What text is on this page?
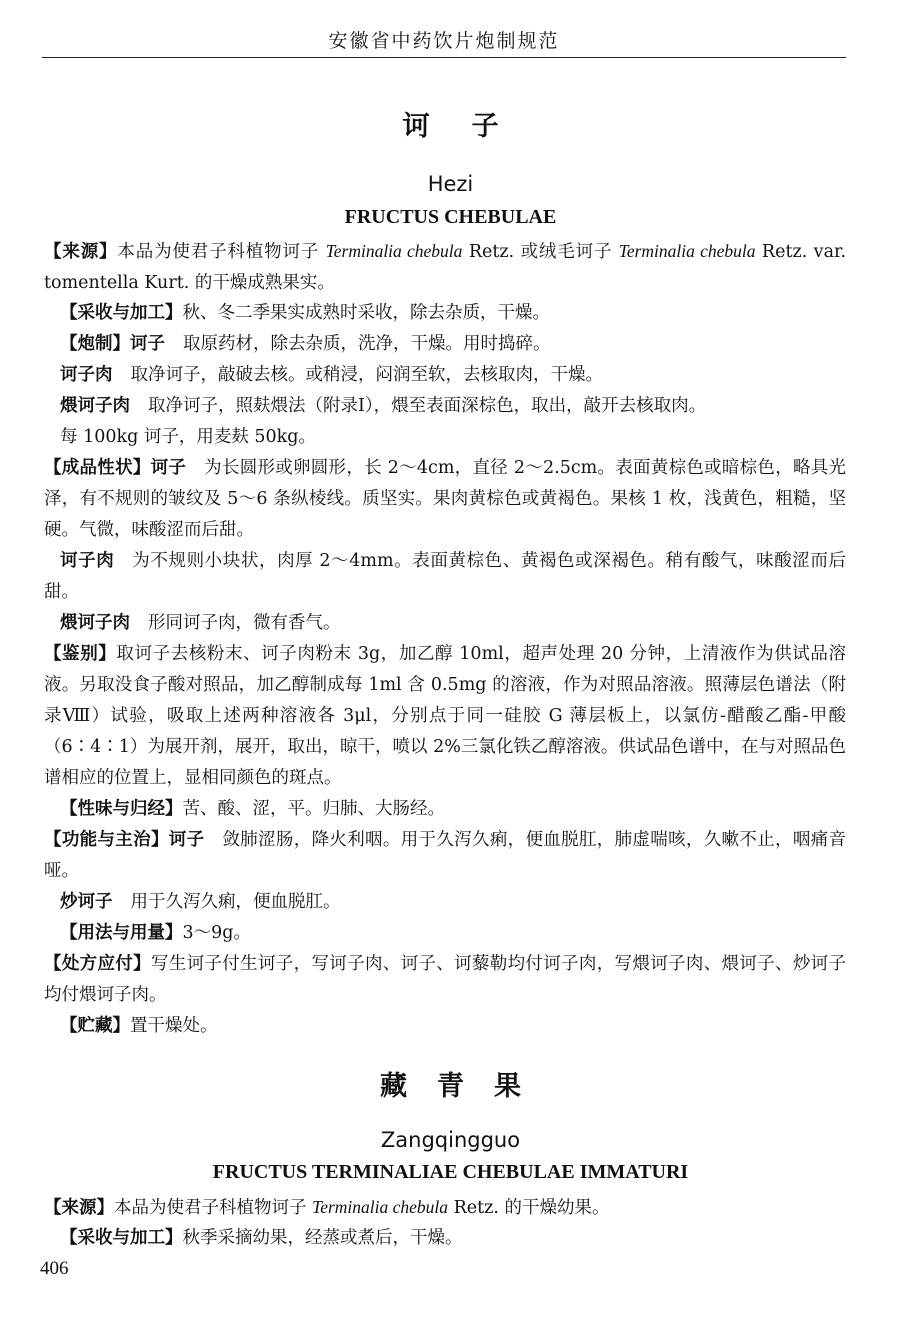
安徽省中药饮片炮制规范
诃子
Hezi
FRUCTUS CHEBULAE

【来源】本品为使君子科植物诃子 Terminalia chebula Retz. 或绒毛诃子 Terminalia chebula Retz. var. tomentella Kurt. 的干燥成熟果实。

【采收与加工】秋、冬二季果实成熟时采收，除去杂质，干燥。

【炮制】诃子 取原药材，除去杂质，洗净，干燥。用时捣碎。

诃子肉 取净诃子，敲破去核。或稍浸，闷润至软，去核取肉，干燥。

煨诃子肉 取净诃子，照麸煨法（附录Ⅰ），煨至表面深棕色，取出，敲开去核取肉。

每 100kg 诃子，用麦麸 50kg。

【成品性状】诃子 为长圆形或卵圆形，长 2～4cm，直径 2～2.5cm。表面黄棕色或暗棕色，略具光泽，有不规则的皱纹及 5～6 条纵棱线。质坚实。果肉黄棕色或黄褐色。果核 1 枚，浅黄色，粗糙，坚硬。气微，味酸涩而后甜。

诃子肉 为不规则小块状，肉厚 2～4mm。表面黄棕色、黄褐色或深褐色。稍有酸气，味酸涩而后甜。

煨诃子肉 形同诃子肉，微有香气。

【鉴别】取诃子去核粉末、诃子肉粉末 3g，加乙醇 10ml，超声处理 20 分钟，上清液作为供试品溶液。另取没食子酸对照品，加乙醇制成每 1ml 含 0.5mg 的溶液，作为对照品溶液。照薄层色谱法（附录Ⅷ）试验，吸取上述两种溶液各 3μl，分别点于同一硅胶 G 薄层板上，以氯仿-醋酸乙酯-甲酸（6∶4∶1）为展开剂，展开，取出，晾干，喷以 2%三氯化铁乙醇溶液。供试品色谱中，在与对照品色谱相应的位置上，显相同颜色的斑点。

【性味与归经】苦、酸、涩，平。归肺、大肠经。

【功能与主治】诃子 敛肺涩肠，降火利咽。用于久泻久痢，便血脱肛，肺虚喘咳，久嗽不止，咽痛音哑。

炒诃子 用于久泻久痢，便血脱肛。

【用法与用量】3～9g。

【处方应付】写生诃子付生诃子，写诃子肉、诃子、诃藜勒均付诃子肉，写煨诃子肉、煨诃子、炒诃子均付煨诃子肉。

【贮藏】置干燥处。

藏青果
Zangqingguo
FRUCTUS TERMINALIAE CHEBULAE IMMATURI

【来源】本品为使君子科植物诃子 Terminalia chebula Retz. 的干燥幼果。

【采收与加工】秋季采摘幼果，经蒸或煮后，干燥。

406
